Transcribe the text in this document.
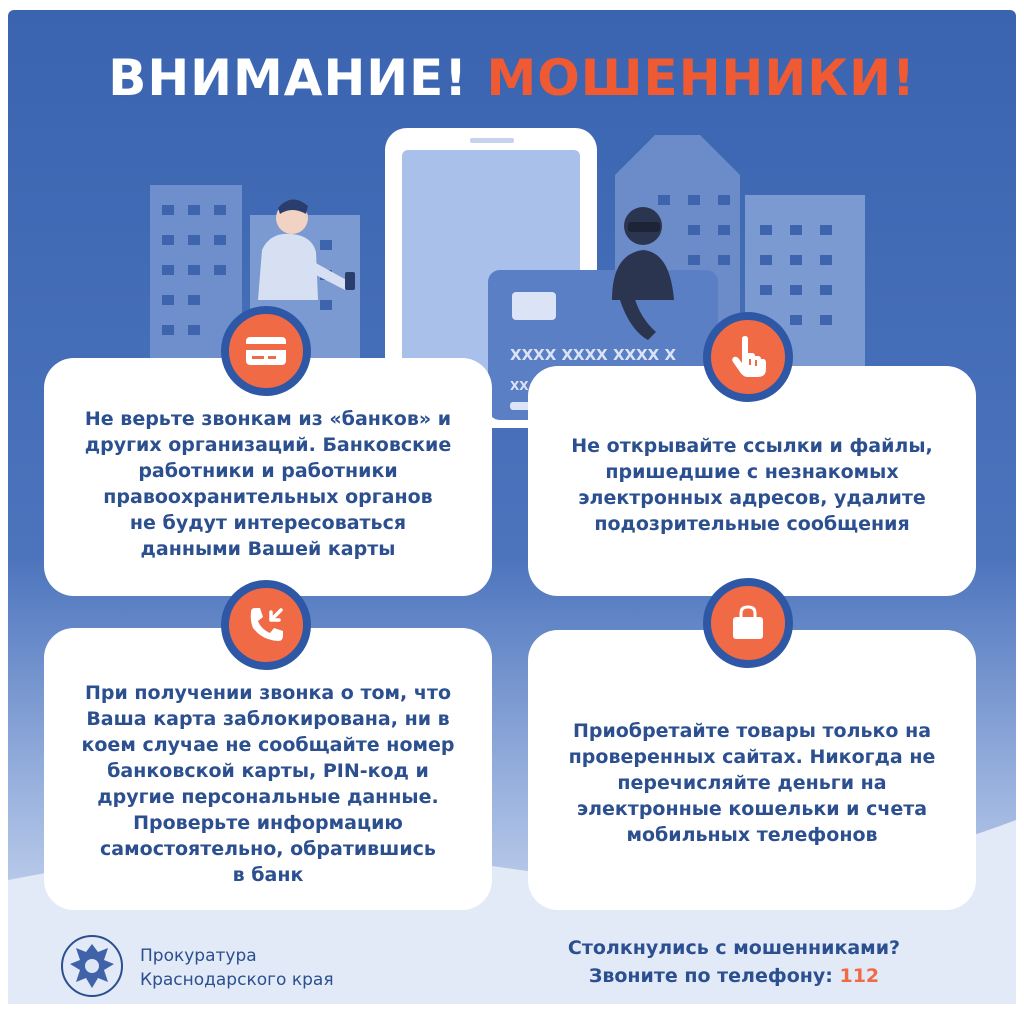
XXXX XXXX XXXX X
XX
ВНИМАНИЕ! МОШЕННИКИ!
Не верьте звонкам из «банков» и
других организаций. Банковские
работники и работники
правоохранительных органов
не будут интересоваться
данными Вашей карты
Не открывайте ссылки и файлы,
пришедшие с незнакомых
электронных адресов, удалите
подозрительные сообщения
При получении звонка о том, что
Ваша карта заблокирована, ни в
коем случае не сообщайте номер
банковской карты, PIN-код и
другие персональные данные.
Проверьте информацию
самостоятельно, обратившись
в банк
Приобретайте товары только на
проверенных сайтах. Никогда не
перечисляйте деньги на
электронные кошельки и счета
мобильных телефонов
Прокуратура
Краснодарского края
Столкнулись с мошенниками?
Звоните по телефону: 112
